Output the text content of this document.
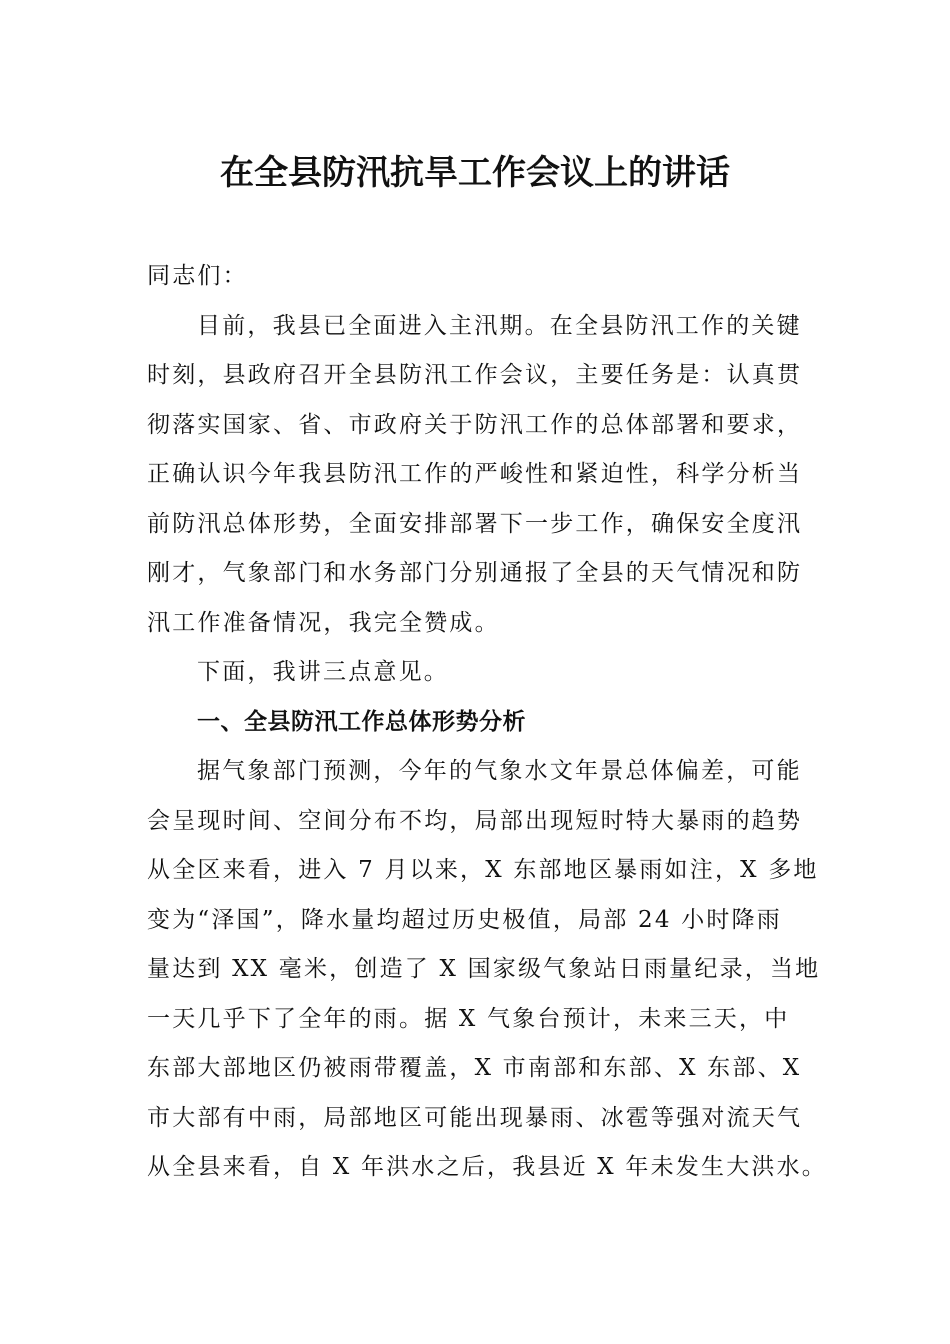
在全县防汛抗旱工作会议上的讲话
同志们：
目前，我县已全面进入主汛期。在全县防汛工作的关键
时刻，县政府召开全县防汛工作会议，主要任务是：认真贯
彻落实国家、省、市政府关于防汛工作的总体部署和要求，
正确认识今年我县防汛工作的严峻性和紧迫性，科学分析当
前防汛总体形势，全面安排部署下一步工作，确保安全度汛
刚才，气象部门和水务部门分别通报了全县的天气情况和防
汛工作准备情况，我完全赞成。
下面，我讲三点意见。
一、全县防汛工作总体形势分析
据气象部门预测，今年的气象水文年景总体偏差，可能
会呈现时间、空间分布不均，局部出现短时特大暴雨的趋势
从全区来看，进入 7 月以来，X 东部地区暴雨如注，X 多地
变为“泽国”，降水量均超过历史极值，局部 24 小时降雨
量达到 XX 毫米，创造了 X 国家级气象站日雨量纪录，当地
一天几乎下了全年的雨。据 X 气象台预计，未来三天，中
东部大部地区仍被雨带覆盖，X 市南部和东部、X 东部、X
市大部有中雨，局部地区可能出现暴雨、冰雹等强对流天气
从全县来看，自 X 年洪水之后，我县近 X 年未发生大洪水。
